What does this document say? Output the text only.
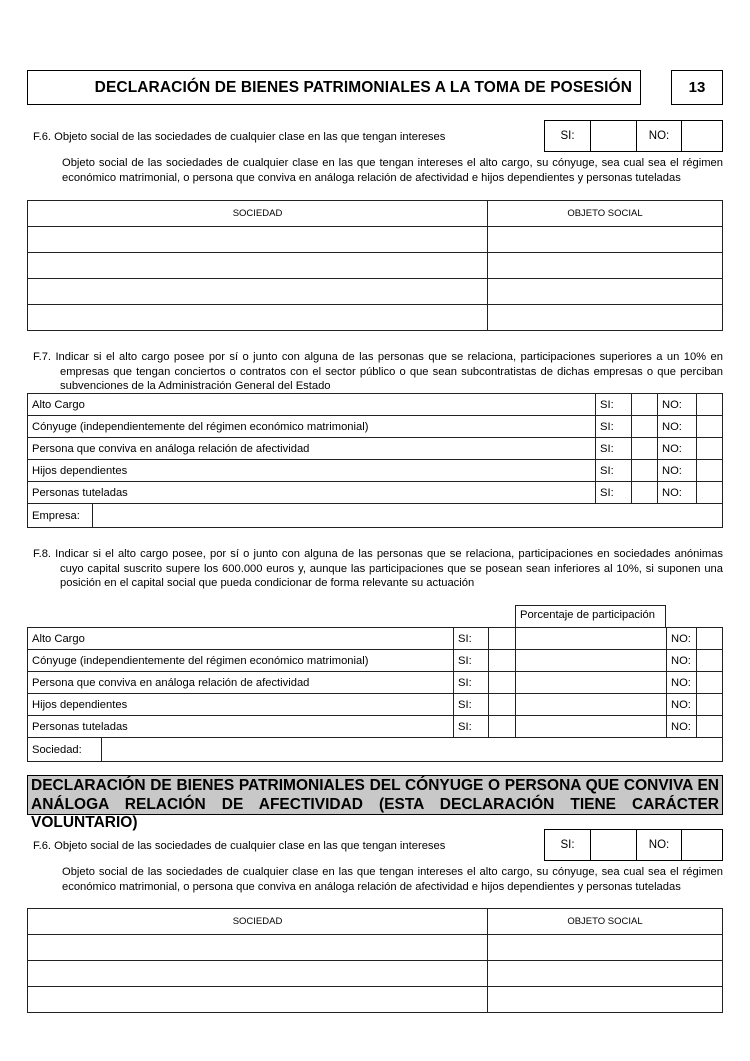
DECLARACIÓN DE BIENES PATRIMONIALES A LA TOMA DE POSESIÓN	13
F.6. Objeto social de las sociedades de cualquier clase en las que tengan intereses	SI:	NO:
Objeto social de las sociedades de cualquier clase en las que tengan intereses el alto cargo, su cónyuge, sea cual sea el régimen económico matrimonial, o persona que conviva en análoga relación de afectividad e hijos dependientes y personas tuteladas
SOCIEDAD	OBJETO SOCIAL

F.7. Indicar si el alto cargo posee por sí o junto con alguna de las personas que se relaciona, participaciones superiores a un 10% en empresas que tengan conciertos o contratos con el sector público o que sean subcontratistas de dichas empresas o que perciban subvenciones de la Administración General del Estado
Alto Cargo	SI:		NO:	
Cónyuge (independientemente del régimen económico matrimonial)	SI:		NO:	
Persona que conviva en análoga relación de afectividad	SI:		NO:	
Hijos dependientes	SI:		NO:	
Personas tuteladas	SI:		NO:	
Empresa:	
F.8. Indicar si el alto cargo posee, por sí o junto con alguna de las personas que se relaciona, participaciones en sociedades anónimas cuyo capital suscrito supere los 600.000 euros y, aunque las participaciones que se posean sean inferiores al 10%, si suponen una posición en el capital social que pueda condicionar de forma relevante su actuación
Porcentaje de participación
Alto Cargo	SI:			NO:	
Cónyuge (independientemente del régimen económico matrimonial)	SI:			NO:	
Persona que conviva en análoga relación de afectividad	SI:			NO:	
Hijos dependientes	SI:			NO:	
Personas tuteladas	SI:			NO:	
Sociedad:	
DECLARACIÓN DE BIENES PATRIMONIALES DEL CÓNYUGE O PERSONA QUE CONVIVA EN ANÁLOGA RELACIÓN DE AFECTIVIDAD (ESTA DECLARACIÓN TIENE CARÁCTER VOLUNTARIO)
F.6. Objeto social de las sociedades de cualquier clase en las que tengan intereses	SI:	NO:
Objeto social de las sociedades de cualquier clase en las que tengan intereses el alto cargo, su cónyuge, sea cual sea el régimen económico matrimonial, o persona que conviva en análoga relación de afectividad e hijos dependientes y personas tuteladas
SOCIEDAD	OBJETO SOCIAL
